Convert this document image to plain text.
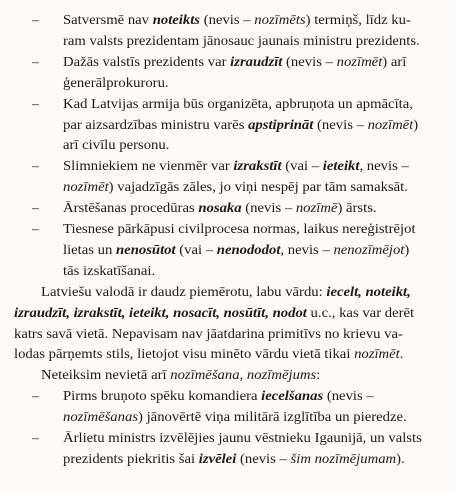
– Satversmē nav noteikts (nevis – nozīmēts) termiņš, līdz ku-
ram valsts prezidentam jānosauc jaunais ministru prezidents.
– Dažās valstīs prezidents var izraudzīt (nevis – nozīmēt) arī
ģenerālprokuroru.
– Kad Latvijas armija būs organizēta, apbruņota un apmācīta,
par aizsardzības ministru varēs apstiprināt (nevis – nozīmēt)
arī civīlu personu.
– Slimniekiem ne vienmēr var izrakstīt (vai – ieteikt, nevis –
nozīmēt) vajadzīgās zāles, jo viņi nespēj par tām samaksāt.
– Ārstēšanas procedūras nosaka (nevis – nozīmē) ārsts.
– Tiesnese pārkāpusi civilprocesa normas, laikus nereģistrējot
lietas un nenosūtot (vai – nenododot, nevis – nenozīmējot)
tās izskatīšanai.
Latviešu valodā ir daudz piemērotu, labu vārdu: iecelt, noteikt,
izraudzīt, izrakstīt, ieteikt, nosacīt, nosūtīt, nodot u.c., kas var derēt
katrs savā vietā. Nepavisam nav jāatdarina primitīvs no krievu va-
lodas pārņemts stils, lietojot visu minēto vārdu vietā tikai nozīmēt.
Neteiksim nevietā arī nozīmēšana, nozīmējums:
– Pirms bruņoto spēku komandiera iecelšanas (nevis –
nozīmēšanas) jānovērtē viņa militārā izglītība un pieredze.
– Ārlietu ministrs izvēlējies jaunu vēstnieku Igaunijā, un valsts
prezidents piekritis šai izvēlei (nevis – šim nozīmējumam).
